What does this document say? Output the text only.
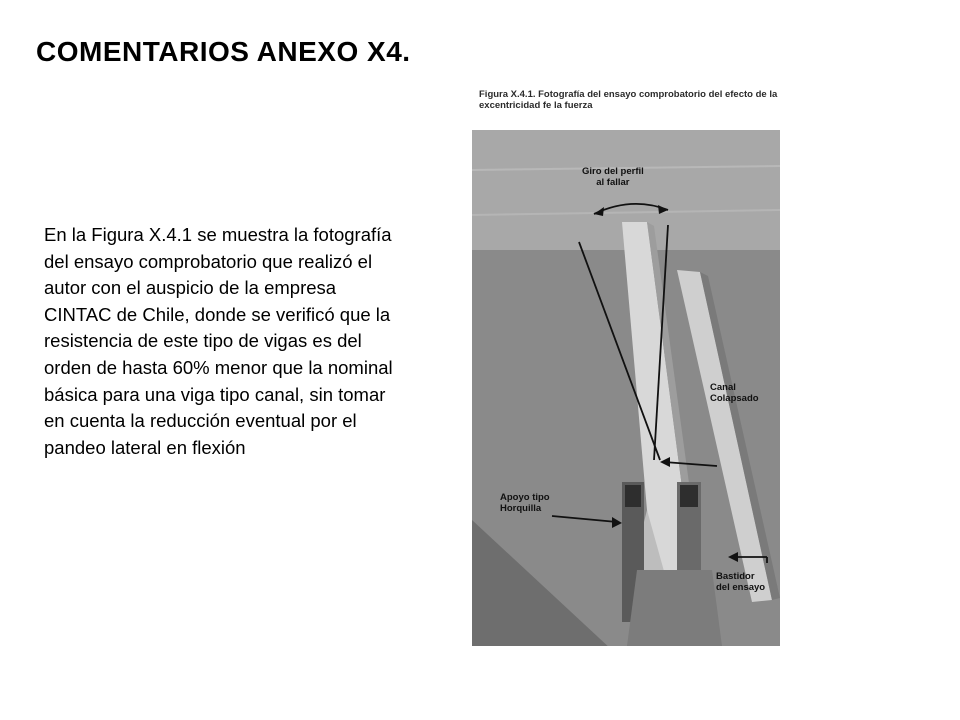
COMENTARIOS ANEXO X4.

En la Figura X.4.1 se muestra la fotografía del ensayo comprobatorio que realizó el autor con el auspicio de la empresa CINTAC de Chile, donde se verificó que la resistencia de este tipo de vigas es del orden de hasta 60% menor que la nominal básica para una viga tipo canal, sin tomar en cuenta la reducción eventual por el pandeo lateral en flexión

Figura X.4.1. Fotografía del ensayo comprobatorio del efecto de la excentricidad fe la fuerza
Giro del perfil
al fallar
Canal
Colapsado
Apoyo tipo
Horquilla
Bastidor
del ensayo
